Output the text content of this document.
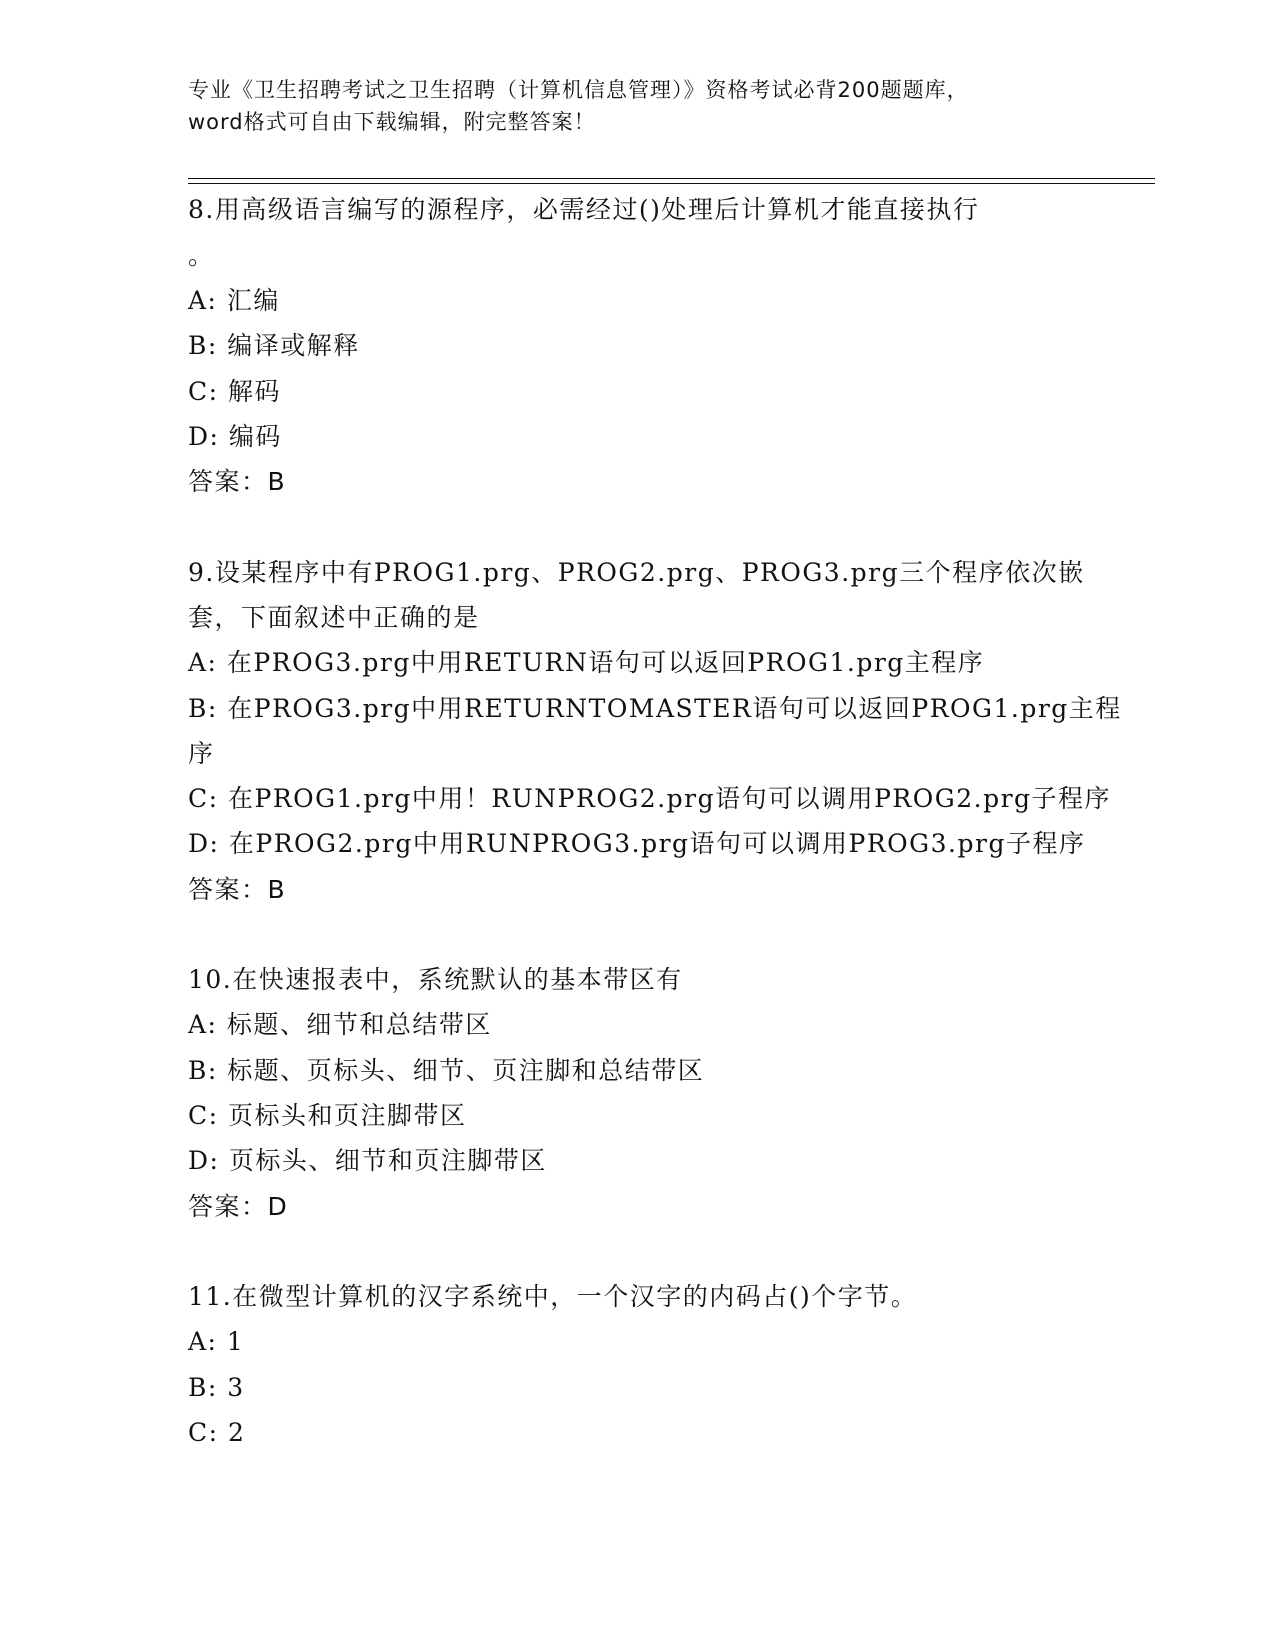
专业《卫生招聘考试之卫生招聘（计算机信息管理）》资格考试必背200题题库，
word格式可自由下载编辑，附完整答案！
8.用高级语言编写的源程序，必需经过()处理后计算机才能直接执行
。
A: 汇编
B: 编译或解释
C: 解码
D: 编码
答案：B
9.设某程序中有PROG1.prg、PROG2.prg、PROG3.prg三个程序依次嵌
套，下面叙述中正确的是
A: 在PROG3.prg中用RETURN语句可以返回PROG1.prg主程序
B: 在PROG3.prg中用RETURNTOMASTER语句可以返回PROG1.prg主程
序
C: 在PROG1.prg中用！RUNPROG2.prg语句可以调用PROG2.prg子程序
D: 在PROG2.prg中用RUNPROG3.prg语句可以调用PROG3.prg子程序
答案：B
10.在快速报表中，系统默认的基本带区有
A: 标题、细节和总结带区
B: 标题、页标头、细节、页注脚和总结带区
C: 页标头和页注脚带区
D: 页标头、细节和页注脚带区
答案：D
11.在微型计算机的汉字系统中，一个汉字的内码占()个字节。
A: 1
B: 3
C: 2
